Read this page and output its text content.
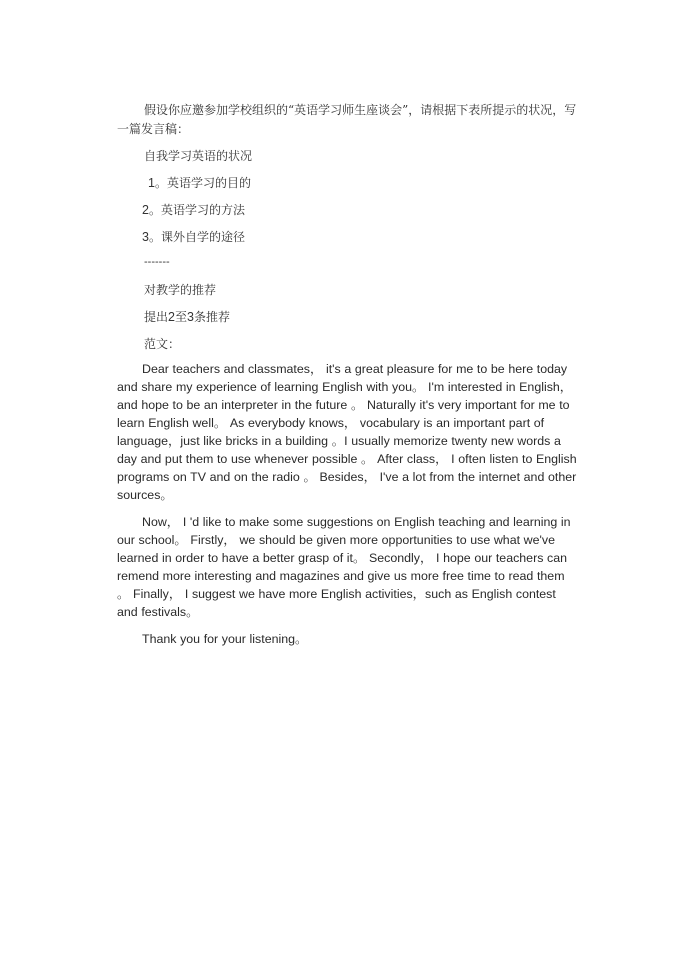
假设你应邀参加学校组织的“英语学习师生座谈会”，请根据下表所提示的状况，写一篇发言稿：

自我学习英语的状况

1。英语学习的目的

2。英语学习的方法

3。课外自学的途径

-------

对教学的推荐

提出2至3条推荐

范文：

Dear teachers and classmates， it's a great pleasure for me to be here today and share my experience of learning English with you。 I'm interested in English，and hope to be an interpreter in the future 。 Naturally it's very important for me to learn English well。 As everybody knows， vocabulary is an important part of language，just like bricks in a building 。I usually memorize twenty new words a day and put them to use whenever possible 。 After class， I often listen to English programs on TV and on the radio 。 Besides， I've a lot from the internet and other sources。

Now， I 'd like to make some suggestions on English teaching and learning in our school。 Firstly， we should be given more opportunities to use what we've learned in order to have a better grasp of it。 Secondly， I hope our teachers can remend more interesting and magazines and give us more free time to read them 。 Finally， I suggest we have more English activities，such as English contest and festivals。

Thank you for your listening。
